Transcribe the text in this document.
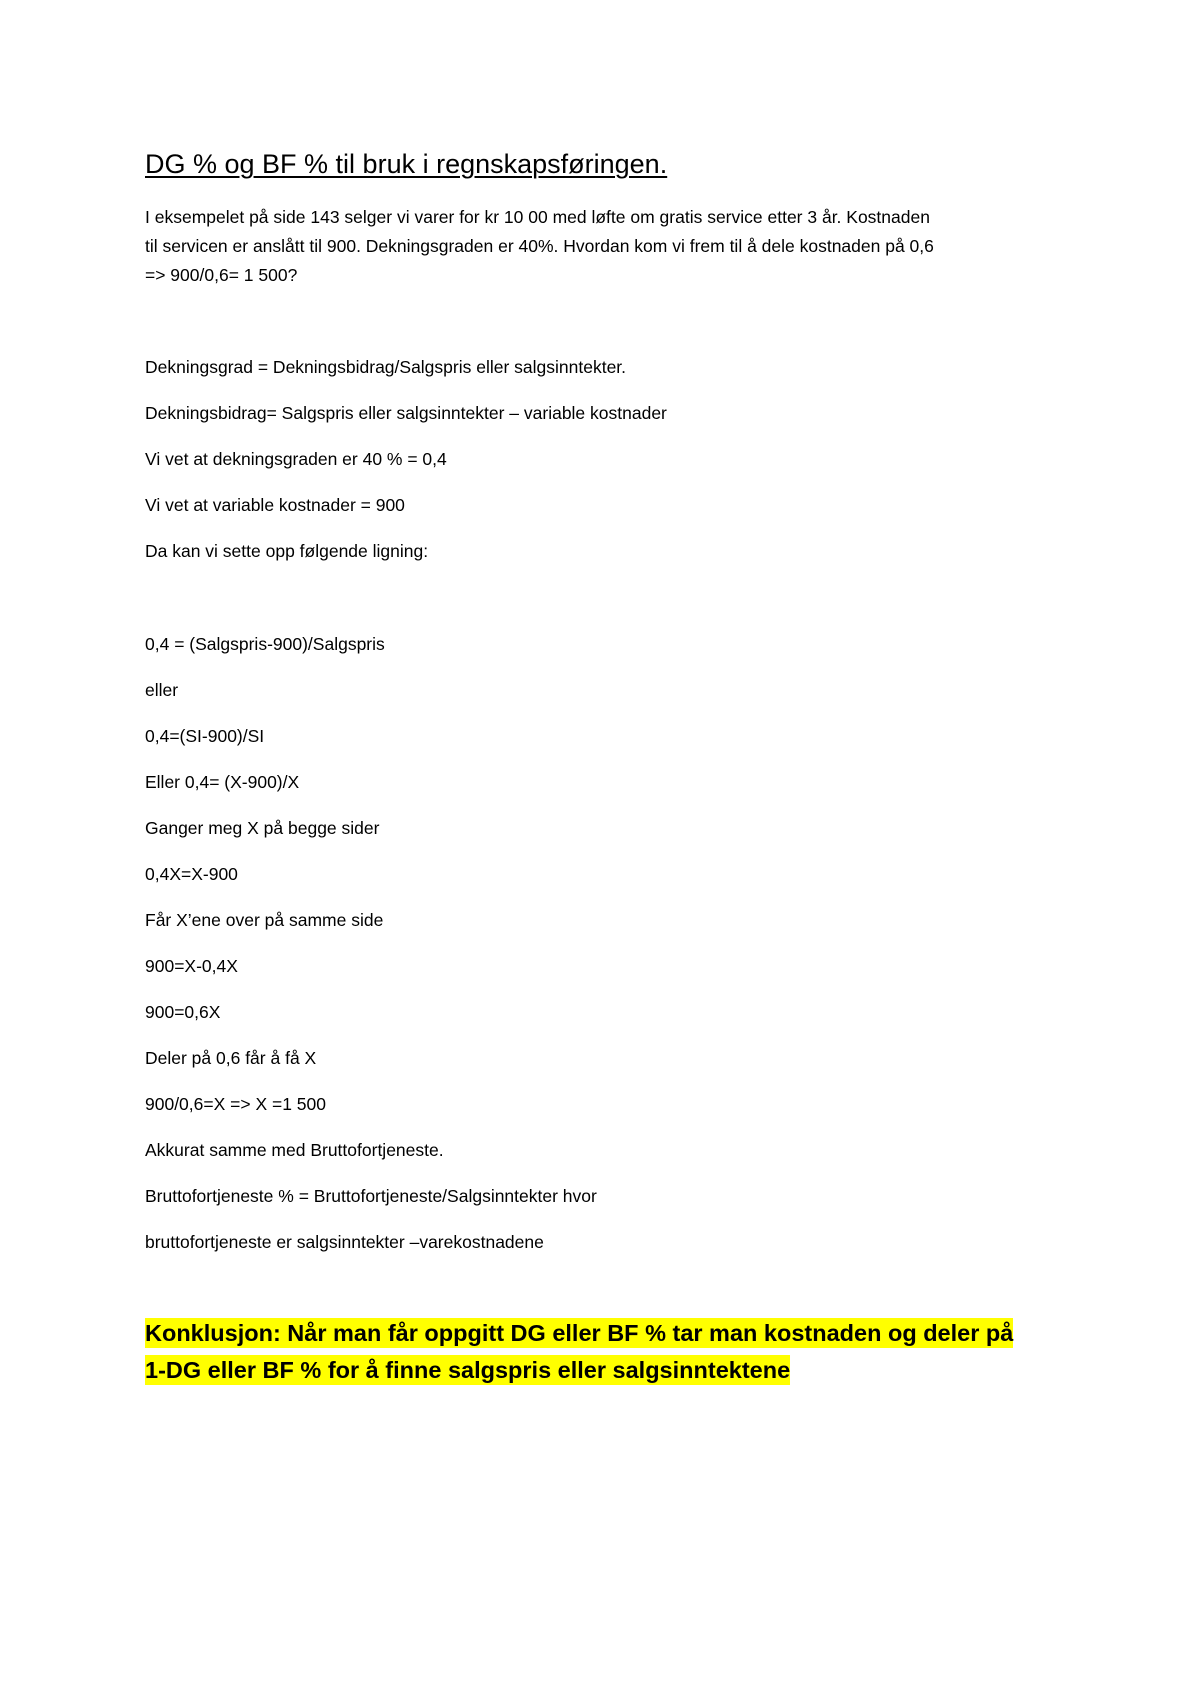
DG % og BF % til bruk i regnskapsføringen.

I eksempelet på side 143 selger vi varer for kr 10 00 med løfte om gratis service etter 3 år. Kostnaden

til servicen er anslått til 900. Dekningsgraden er 40%. Hvordan kom vi frem til å dele kostnaden på 0,6

=> 900/0,6= 1 500?

Dekningsgrad = Dekningsbidrag/Salgspris eller salgsinntekter.
Dekningsbidrag= Salgspris eller salgsinntekter – variable kostnader
Vi vet at dekningsgraden er 40 % = 0,4
Vi vet at variable kostnader = 900
Da kan vi sette opp følgende ligning:
0,4 = (Salgspris-900)/Salgspris
eller
0,4=(SI-900)/SI
Eller 0,4= (X-900)/X
Ganger meg X på begge sider
0,4X=X-900
Får X’ene over på samme side
900=X-0,4X
900=0,6X
Deler på 0,6 får å få X
900/0,6=X => X =1 500
Akkurat samme med Bruttofortjeneste.
Bruttofortjeneste % = Bruttofortjeneste/Salgsinntekter hvor
bruttofortjeneste er salgsinntekter –varekostnadene

Konklusjon: Når man får oppgitt DG eller BF % tar man kostnaden og deler på

1-DG eller BF % for å finne salgspris eller salgsinntektene
